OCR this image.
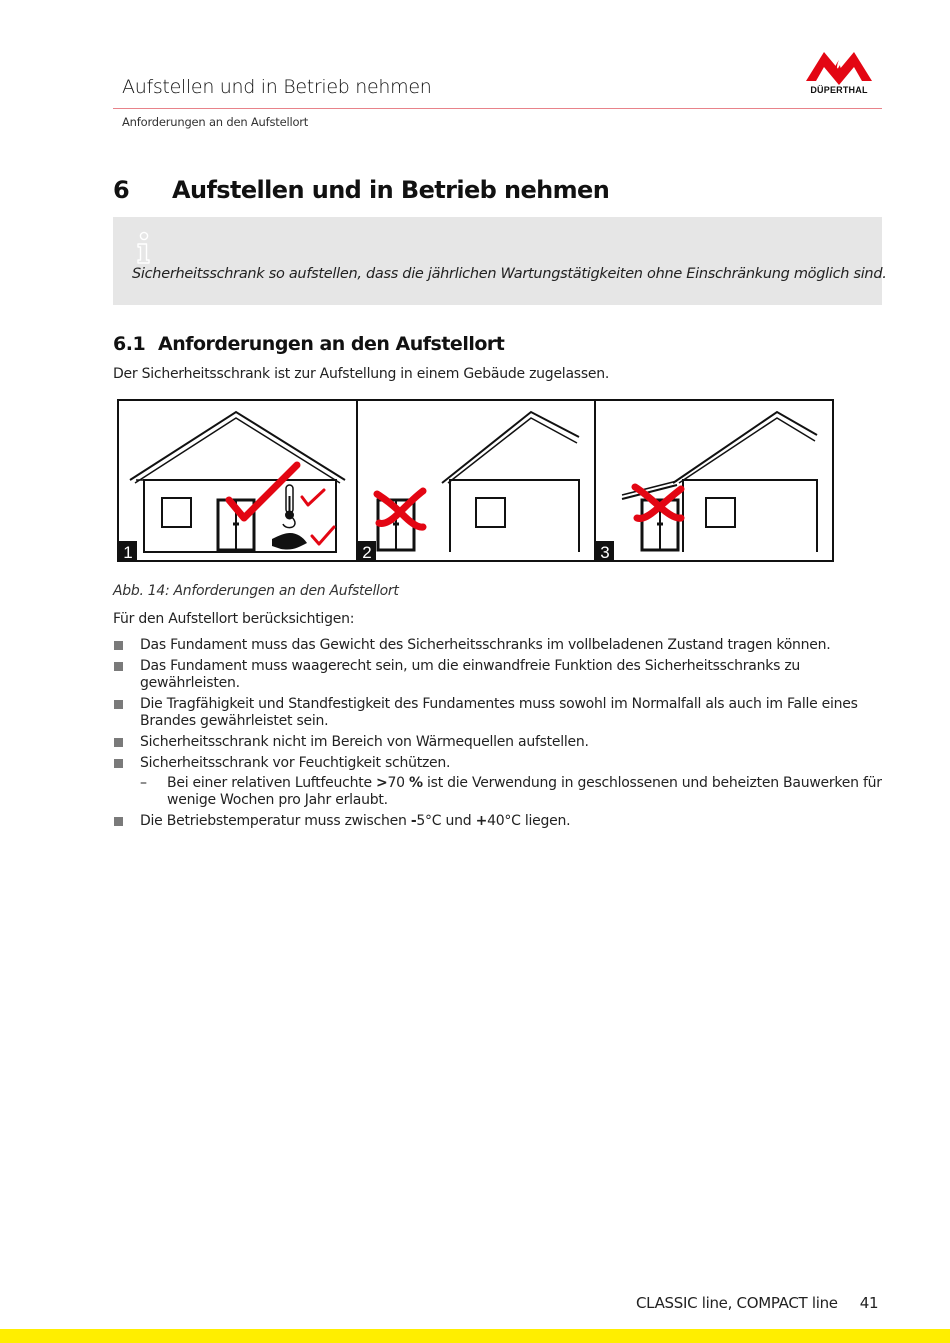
Aufstellen und in Betrieb nehmen
Anforderungen an den Aufstellort
DÜPERTHAL
6 Aufstellen und in Betrieb nehmen
Sicherheitsschrank so aufstellen, dass die jährlichen Wartungstätigkeiten ohne Einschränkung möglich sind.
6.1 Anforderungen an den Aufstellort
Der Sicherheitsschrank ist zur Aufstellung in einem Gebäude zugelassen.
1	2	3
Abb. 14: Anforderungen an den Aufstellort
Für den Aufstellort berücksichtigen:
Das Fundament muss das Gewicht des Sicherheitsschranks im vollbeladenen Zustand tragen können.
Das Fundament muss waagerecht sein, um die einwandfreie Funktion des Sicherheitsschranks zu gewährleisten.
Die Tragfähigkeit und Standfestigkeit des Fundamentes muss sowohl im Normalfall als auch im Falle eines Brandes gewährleistet sein.
Sicherheitsschrank nicht im Bereich von Wärmequellen aufstellen.
Sicherheitsschrank vor Feuchtigkeit schützen.
– Bei einer relativen Luftfeuchte >70 % ist die Verwendung in geschlossenen und beheizten Bauwerken für wenige Wochen pro Jahr erlaubt.
Die Betriebstemperatur muss zwischen -5°C und +40°C liegen.
CLASSIC line, COMPACT line 41
